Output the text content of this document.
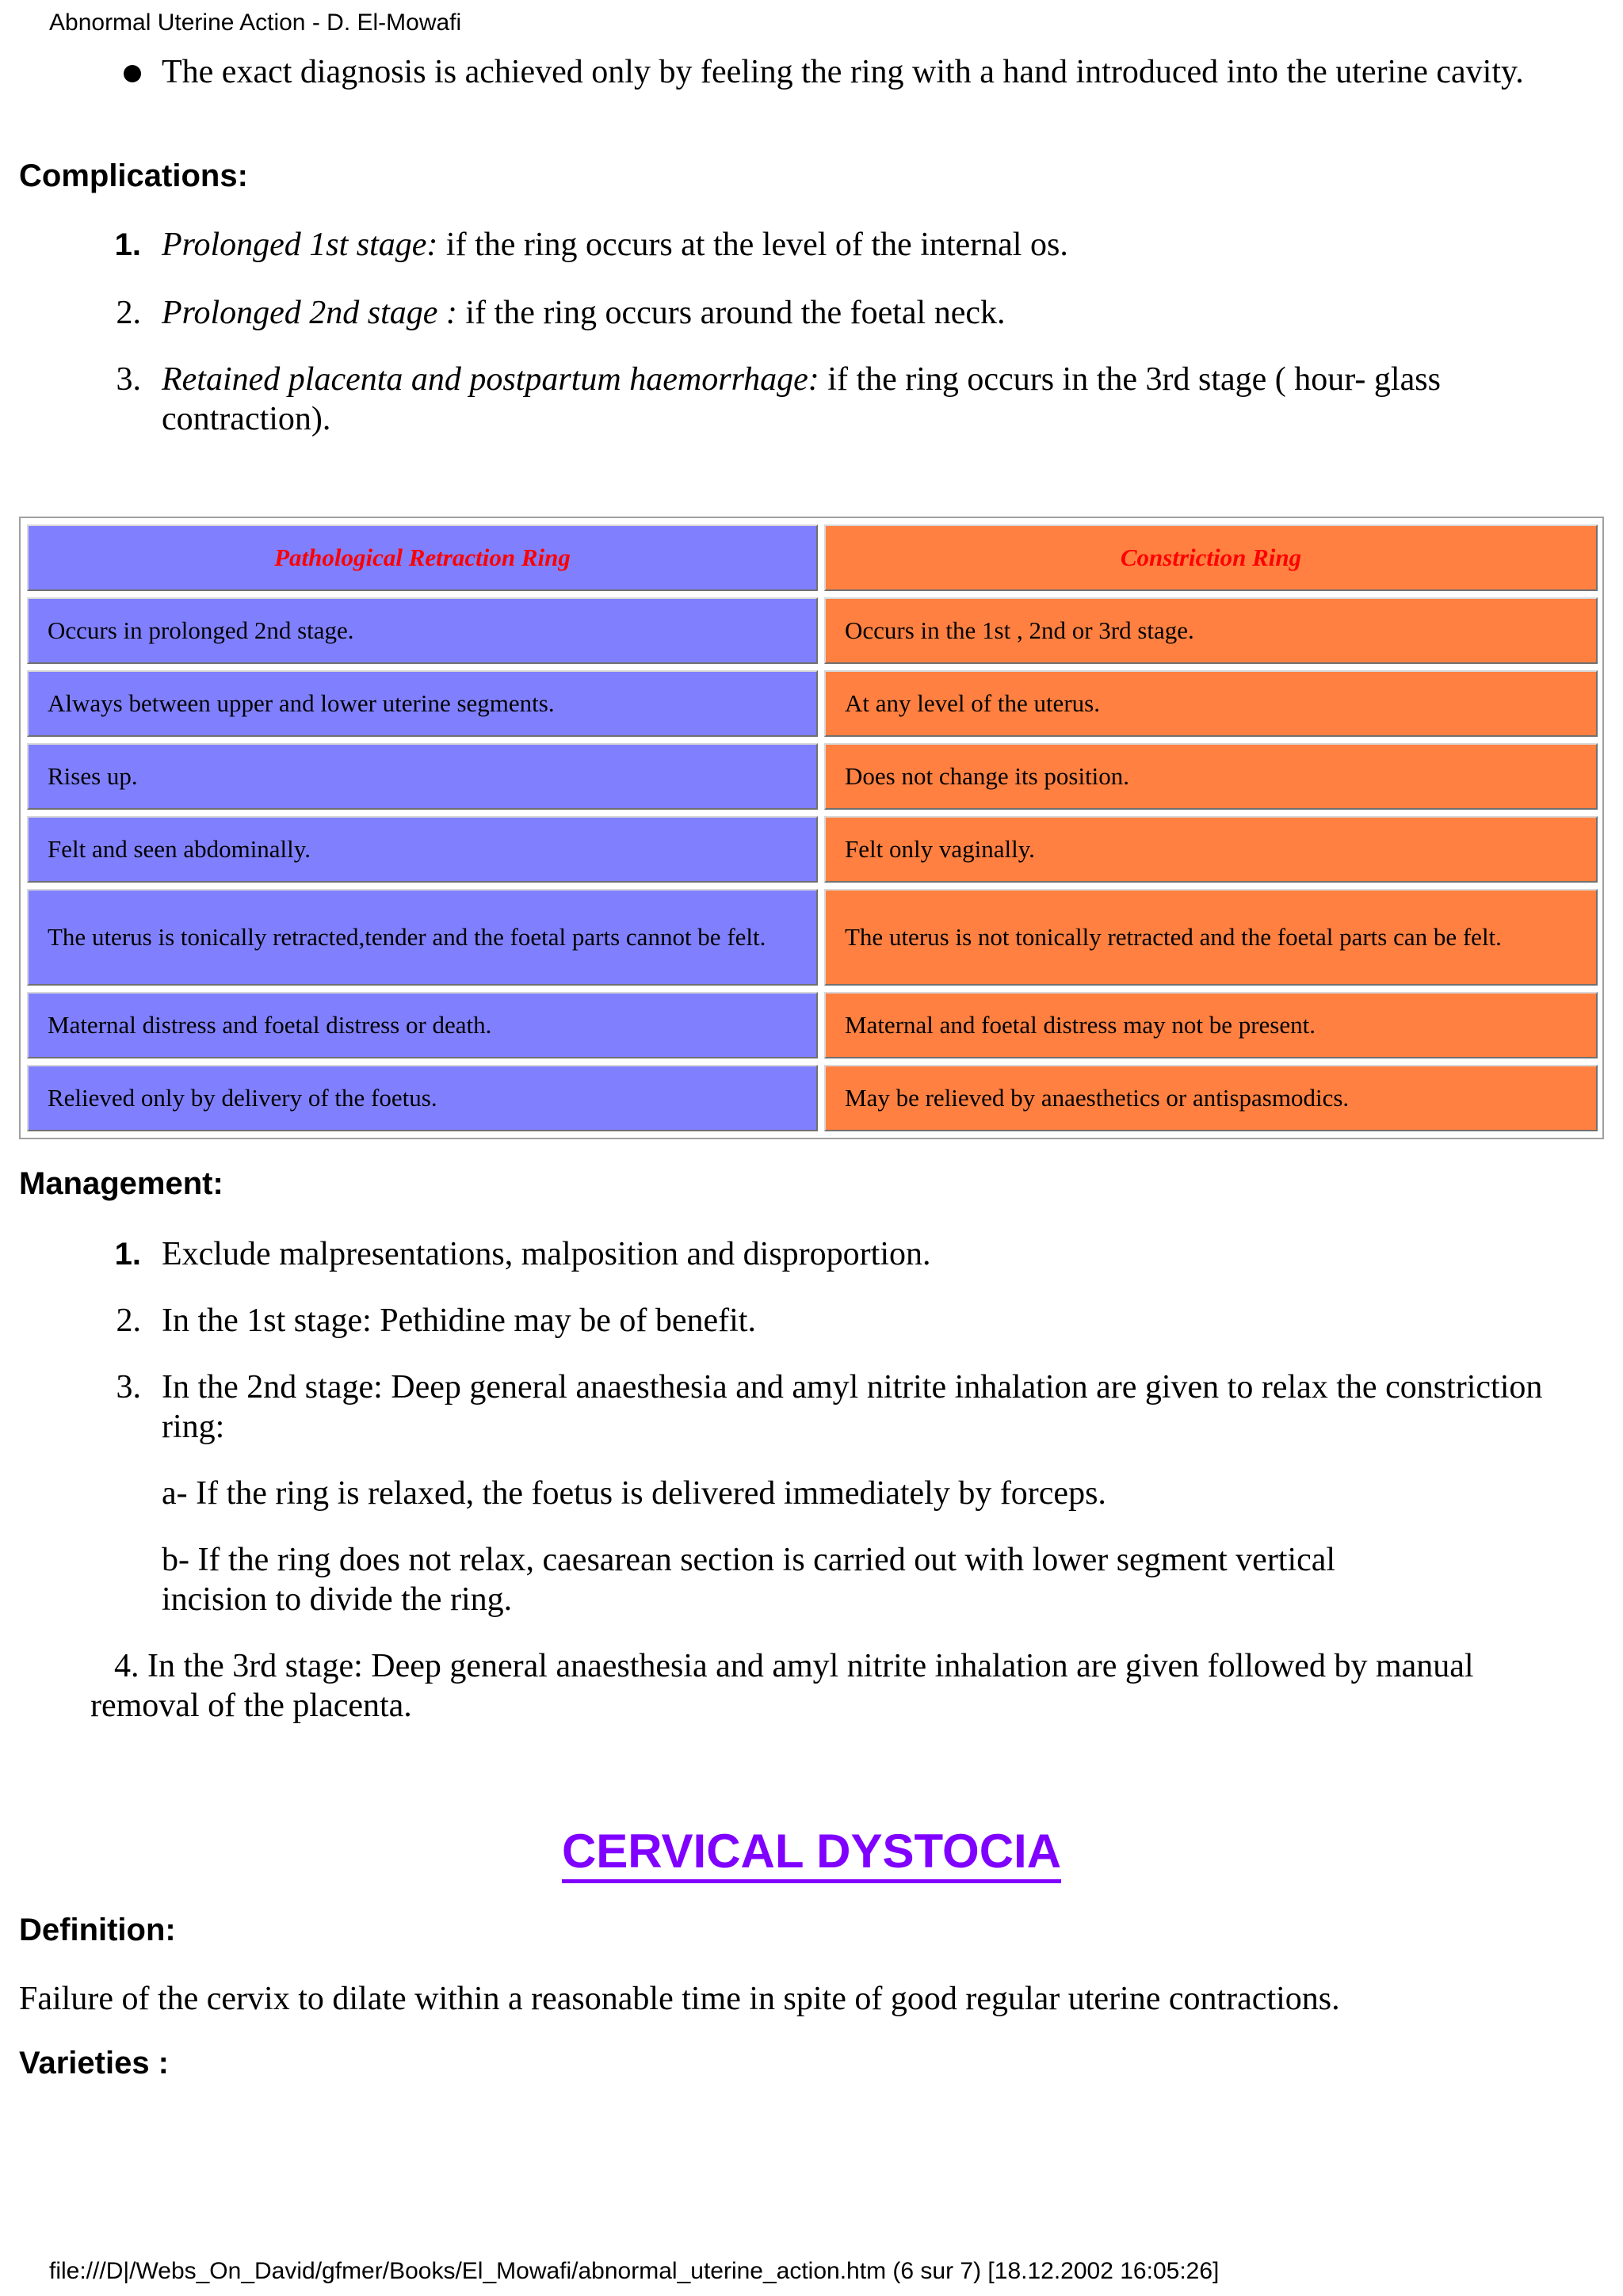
Abnormal Uterine Action - D. El-Mowafi
The exact diagnosis is achieved only by feeling the ring with a hand introduced into the uterine cavity.
Complications:
1. Prolonged 1st stage: if the ring occurs at the level of the internal os.
2. Prolonged 2nd stage : if the ring occurs around the foetal neck.
3. Retained placenta and postpartum haemorrhage: if the ring occurs in the 3rd stage ( hour- glass contraction).
Pathological Retraction Ring	Constriction Ring
Occurs in prolonged 2nd stage.	Occurs in the 1st , 2nd or 3rd stage.
Always between upper and lower uterine segments.	At any level of the uterus.
Rises up.	Does not change its position.
Felt and seen abdominally.	Felt only vaginally.
The uterus is tonically retracted,tender and the foetal parts cannot be felt.	The uterus is not tonically retracted and the foetal parts can be felt.
Maternal distress and foetal distress or death.	Maternal and foetal distress may not be present.
Relieved only by delivery of the foetus.	May be relieved by anaesthetics or antispasmodics.
Management:
1. Exclude malpresentations, malposition and disproportion.
2. In the 1st stage: Pethidine may be of benefit.
3. In the 2nd stage: Deep general anaesthesia and amyl nitrite inhalation are given to relax the constriction ring:
a- If the ring is relaxed, the foetus is delivered immediately by forceps.
b- If the ring does not relax, caesarean section is carried out with lower segment vertical incision to divide the ring.
4. In the 3rd stage: Deep general anaesthesia and amyl nitrite inhalation are given followed by manual removal of the placenta.
CERVICAL DYSTOCIA
Definition:
Failure of the cervix to dilate within a reasonable time in spite of good regular uterine contractions.
Varieties :
file:///D|/Webs_On_David/gfmer/Books/El_Mowafi/abnormal_uterine_action.htm (6 sur 7) [18.12.2002 16:05:26]
